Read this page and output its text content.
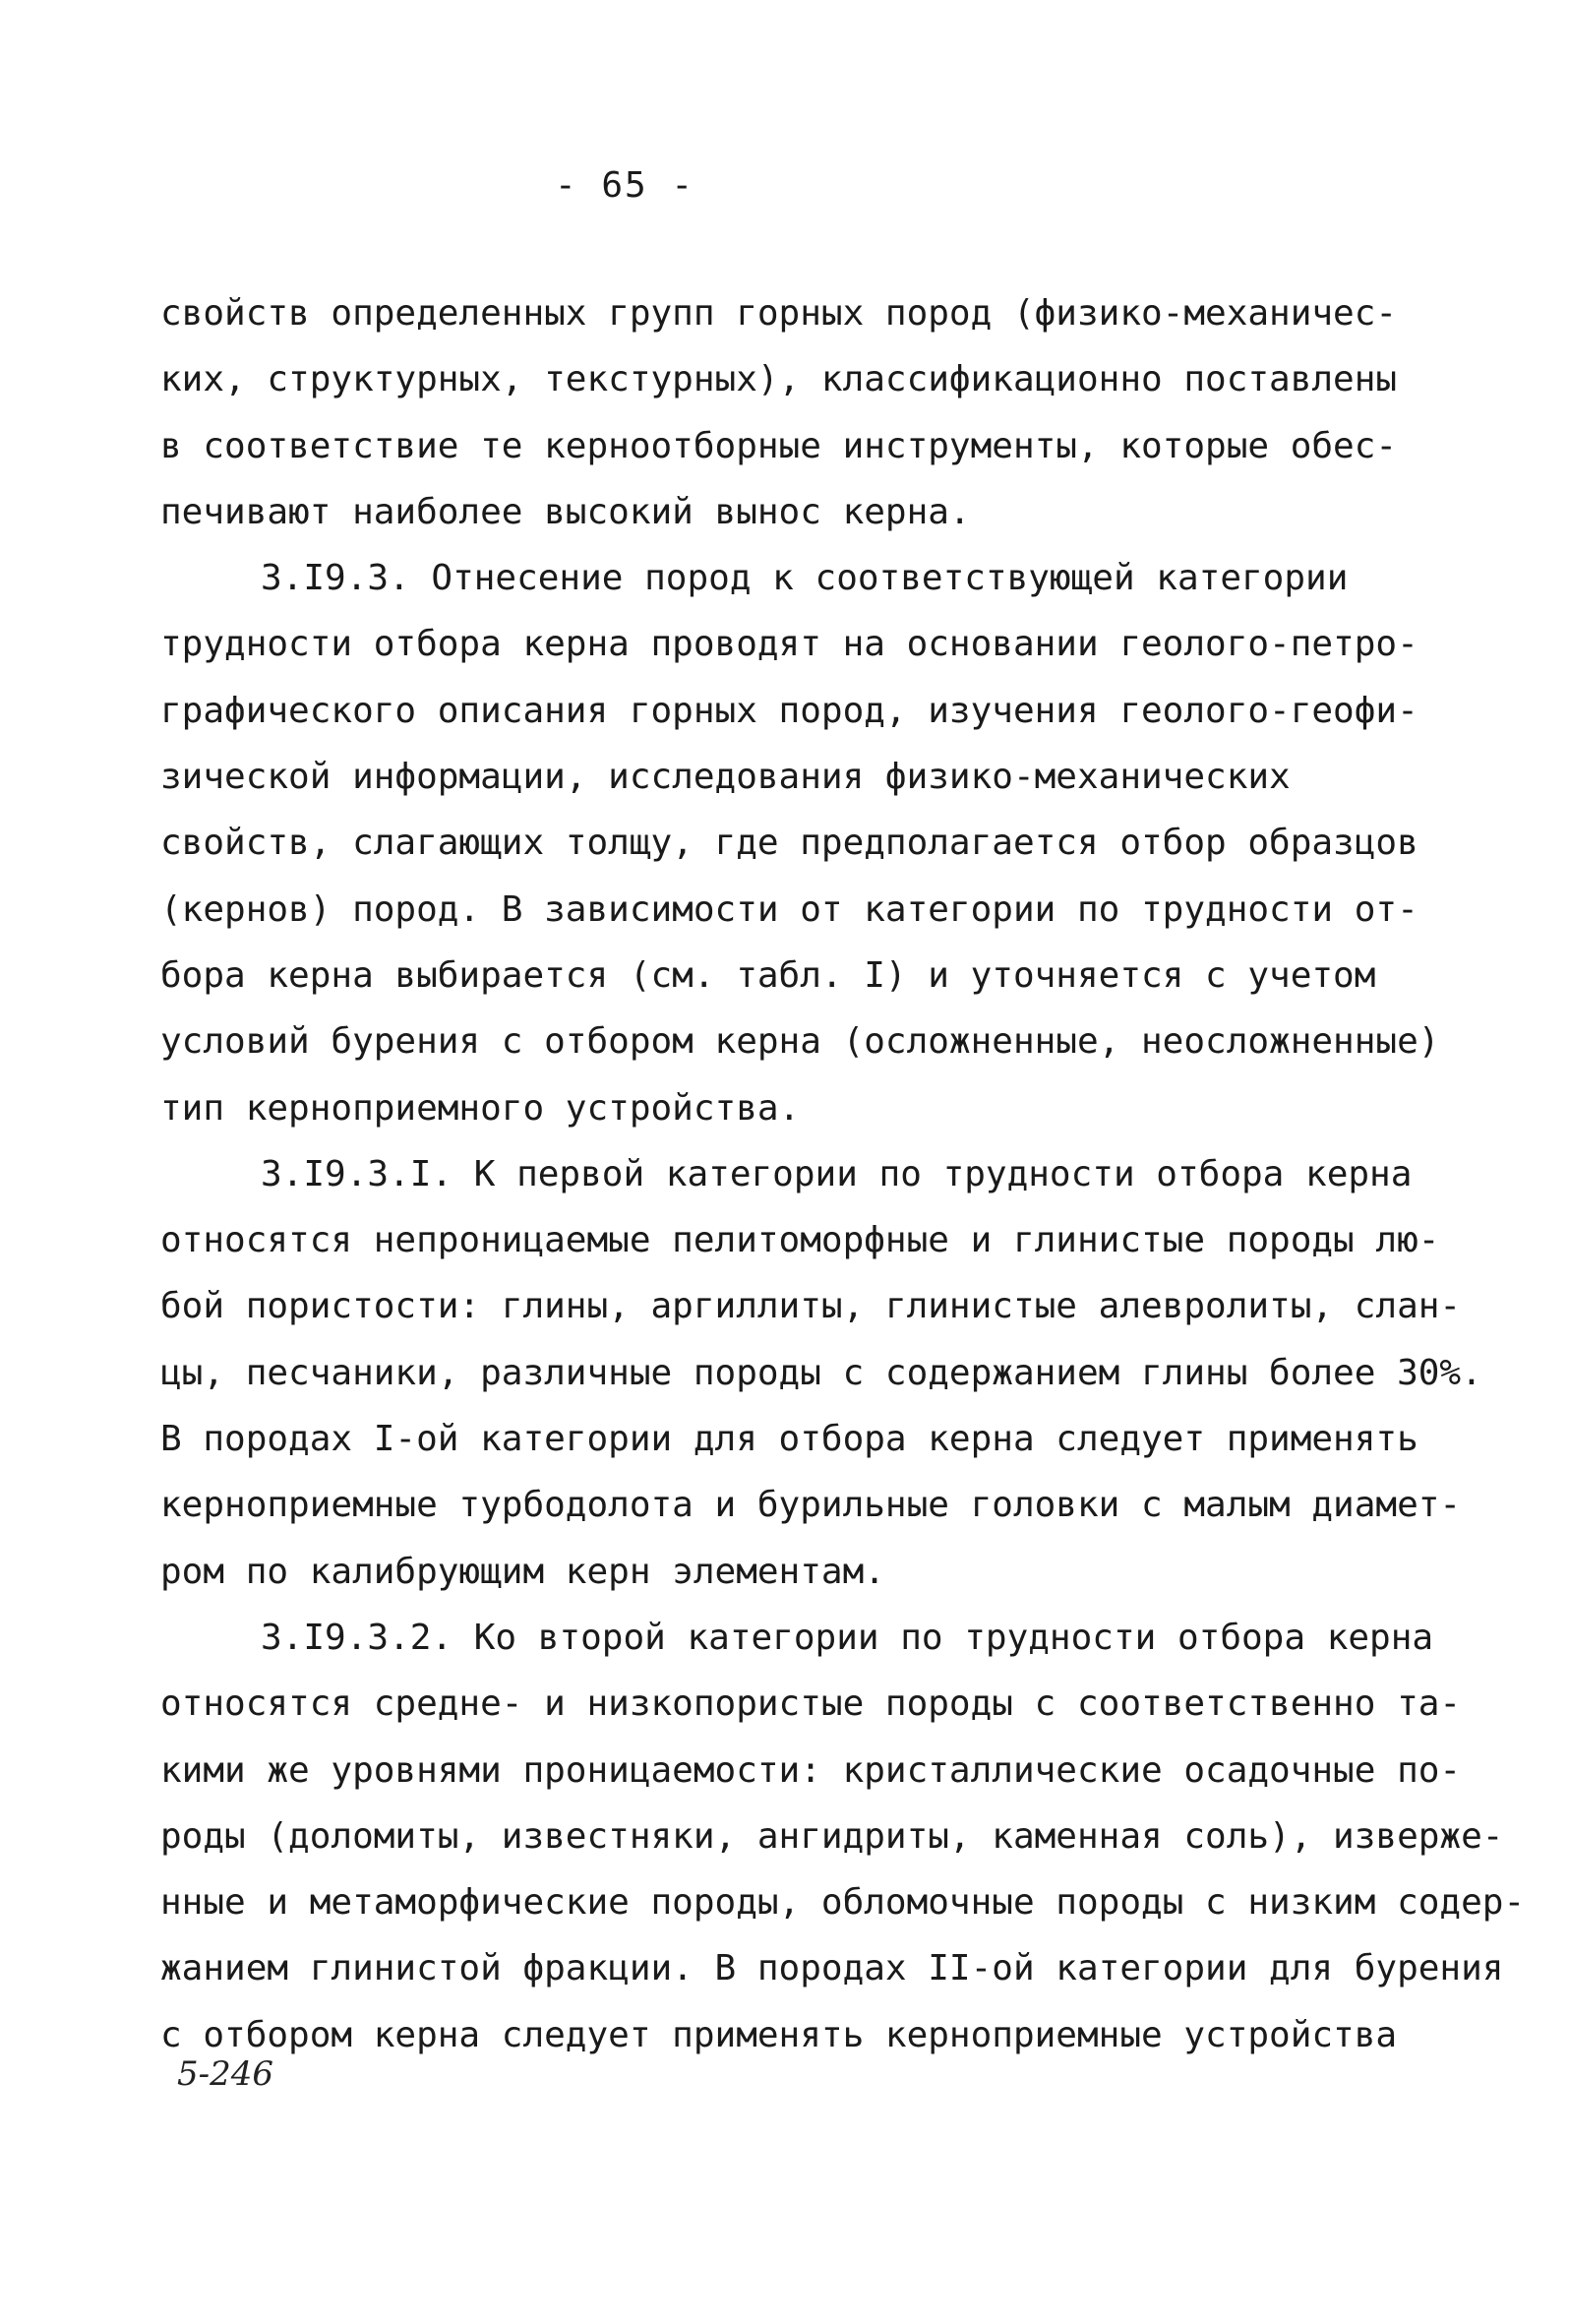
- 65 -
свойств определенных групп горных пород (физико-механичес-
ких, структурных, текстурных), классификационно поставлены
в соответствие те керноотборные инструменты, которые обес-
печивают наиболее высокий вынос керна.
3.I9.3. Отнесение пород к соответствующей категории
трудности отбора керна проводят на основании геолого-петро-
графического описания горных пород, изучения геолого-геофи-
зической информации, исследования физико-механических
свойств, слагающих толщу, где предполагается отбор образцов
(кернов) пород. В зависимости от категории по трудности от-
бора керна выбирается (см. табл. I) и уточняется с учетом
условий бурения с отбором керна (осложненные, неосложненные)
тип керноприемного устройства.
3.I9.3.I. К первой категории по трудности отбора керна
относятся непроницаемые пелитоморфные и глинистые породы лю-
бой пористости: глины, аргиллиты, глинистые алевролиты, слан-
цы, песчаники, различные породы с содержанием глины более 30%.
В породах I-ой категории для отбора керна следует применять
керноприемные турбодолота и бурильные головки с малым диамет-
ром по калибрующим керн элементам.
3.I9.3.2. Ко второй категории по трудности отбора керна
относятся средне- и низкопористые породы с соответственно та-
кими же уровнями проницаемости: кристаллические осадочные по-
роды (доломиты, известняки, ангидриты, каменная соль), изверже-
нные и метаморфические породы, обломочные породы с низким содер-
жанием глинистой фракции. В породах II-ой категории для бурения
с отбором керна следует применять керноприемные устройства
5-246
